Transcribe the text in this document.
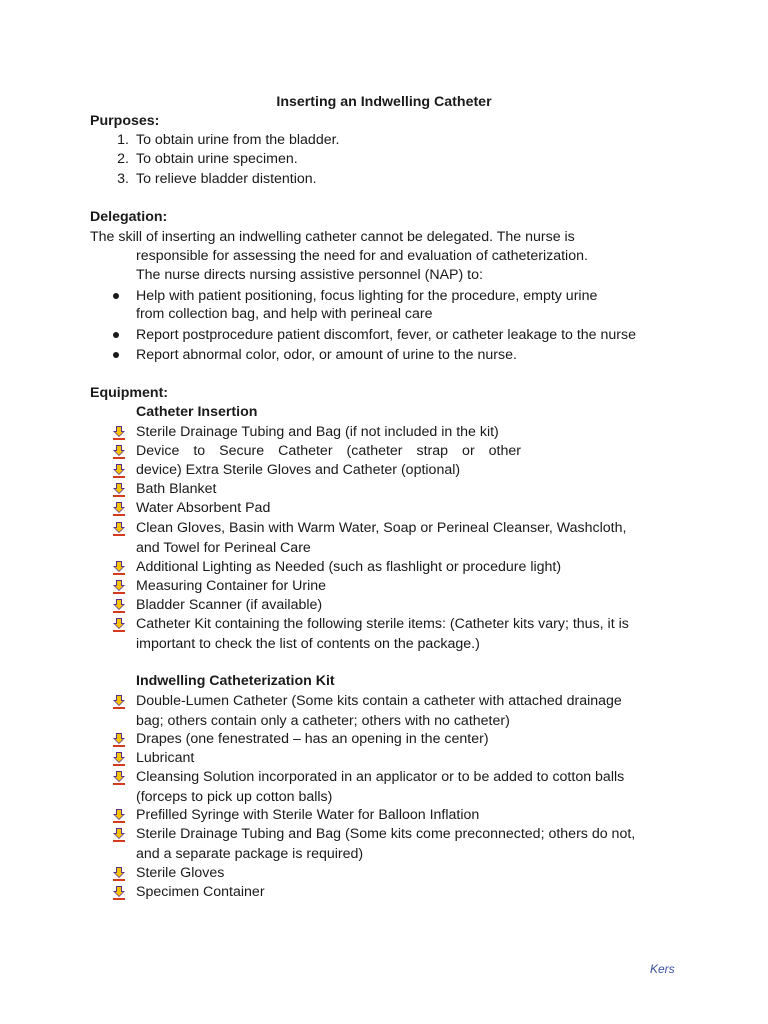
Inserting an Indwelling Catheter

Purposes:

1. To obtain urine from the bladder.
2. To obtain urine specimen.
3. To relieve bladder distention.

Delegation:

The skill of inserting an indwelling catheter cannot be delegated. The nurse is
responsible for assessing the need for and evaluation of catheterization.
The nurse directs nursing assistive personnel (NAP) to:
Help with patient positioning, focus lighting for the procedure, empty urine
from collection bag, and help with perineal care
Report postprocedure patient discomfort, fever, or catheter leakage to the nurse
Report abnormal color, odor, or amount of urine to the nurse.

Equipment:

Catheter Insertion
Sterile Drainage Tubing and Bag (if not included in the kit)
Device to Secure Catheter (catheter strap or other
device) Extra Sterile Gloves and Catheter (optional)
Bath Blanket
Water Absorbent Pad
Clean Gloves, Basin with Warm Water, Soap or Perineal Cleanser, Washcloth,
and Towel for Perineal Care
Additional Lighting as Needed (such as flashlight or procedure light)
Measuring Container for Urine
Bladder Scanner (if available)
Catheter Kit containing the following sterile items: (Catheter kits vary; thus, it is
important to check the list of contents on the package.)
Indwelling Catheterization Kit
Double-Lumen Catheter (Some kits contain a catheter with attached drainage
bag; others contain only a catheter; others with no catheter)
Drapes (one fenestrated – has an opening in the center)
Lubricant
Cleansing Solution incorporated in an applicator or to be added to cotton balls
(forceps to pick up cotton balls)
Prefilled Syringe with Sterile Water for Balloon Inflation
Sterile Drainage Tubing and Bag (Some kits come preconnected; others do not,
and a separate package is required)
Sterile Gloves
Specimen Container
Kers
